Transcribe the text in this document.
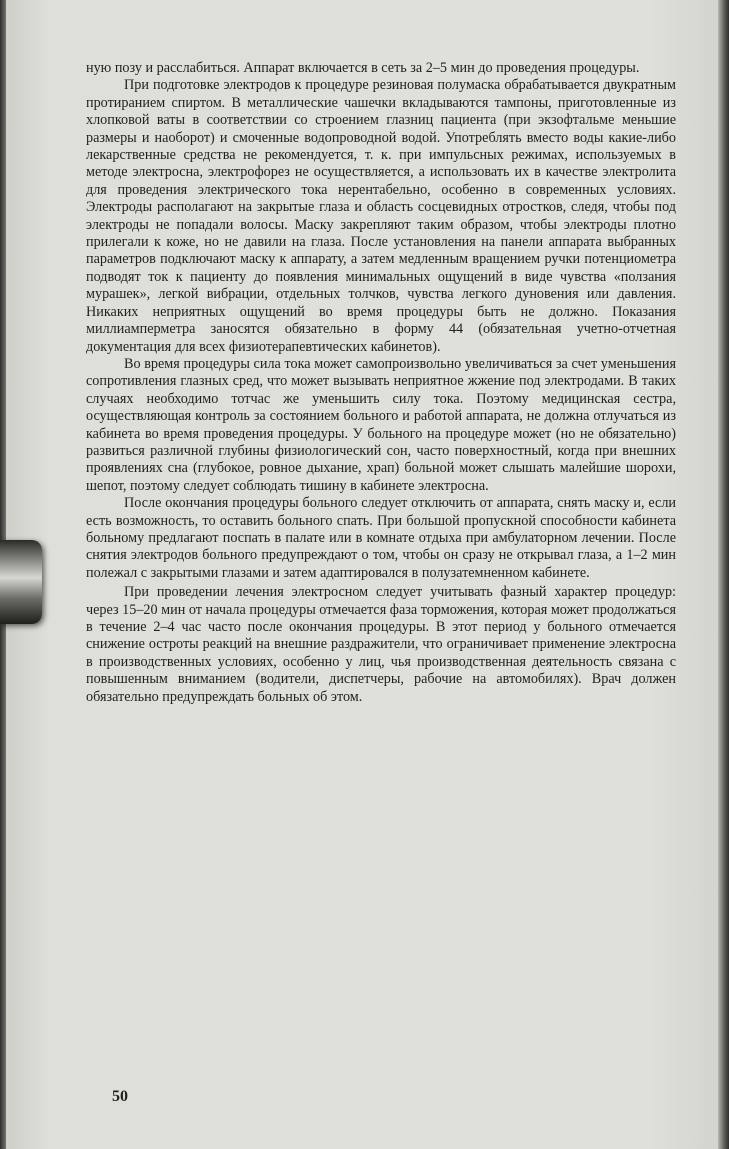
ную позу и расслабиться. Аппарат включается в сеть за 2–5 мин до проведения процедуры.

При подготовке электродов к процедуре резиновая полумаска обрабатывается двукратным протиранием спиртом. В металлические чашечки вкладываются тампоны, приготовленные из хлопковой ваты в соответствии со строением глазниц пациента (при экзофтальме меньшие размеры и наоборот) и смоченные водопроводной водой. Употреблять вместо воды какие-либо лекарственные средства не рекомендуется, т. к. при импульсных режимах, используемых в методе электросна, электрофорез не осуществляется, а использовать их в качестве электролита для проведения электрического тока нерентабельно, особенно в современных условиях. Электроды располагают на закрытые глаза и область сосцевидных отростков, следя, чтобы под электроды не попадали волосы. Маску закрепляют таким образом, чтобы электроды плотно прилегали к коже, но не давили на глаза. После установления на панели аппарата выбранных параметров подключают маску к аппарату, а затем медленным вращением ручки потенциометра подводят ток к пациенту до появления минимальных ощущений в виде чувства «ползания мурашек», легкой вибрации, отдельных толчков, чувства легкого дуновения или давления. Никаких неприятных ощущений во время процедуры быть не должно. Показания миллиамперметра заносятся обязательно в форму 44 (обязательная учетно-отчетная документация для всех физиотерапевтических кабинетов).

Во время процедуры сила тока может самопроизвольно увеличиваться за счет уменьшения сопротивления глазных сред, что может вызывать неприятное жжение под электродами. В таких случаях необходимо тотчас же уменьшить силу тока. Поэтому медицинская сестра, осуществляющая контроль за состоянием больного и работой аппарата, не должна отлучаться из кабинета во время проведения процедуры. У больного на процедуре может (но не обязательно) развиться различной глубины физиологический сон, часто поверхностный, когда при внешних проявлениях сна (глубокое, ровное дыхание, храп) больной может слышать малейшие шорохи, шепот, поэтому следует соблюдать тишину в кабинете электросна.

После окончания процедуры больного следует отключить от аппарата, снять маску и, если есть возможность, то оставить больного спать. При большой пропускной способности кабинета больному предлагают поспать в палате или в комнате отдыха при амбулаторном лечении. После снятия электродов больного предупреждают о том, чтобы он сразу не открывал глаза, а 1–2 мин полежал с закрытыми глазами и затем адаптировался в полузатемненном кабинете.

При проведении лечения электросном следует учитывать фазный характер процедур: через 15–20 мин от начала процедуры отмечается фаза торможения, которая может продолжаться в течение 2–4 час часто после окончания процедуры. В этот период у больного отмечается снижение остроты реакций на внешние раздражители, что ограничивает применение электросна в производственных условиях, особенно у лиц, чья производственная деятельность связана с повышенным вниманием (водители, диспетчеры, рабочие на автомобилях). Врач должен обязательно предупреждать больных об этом.

50
